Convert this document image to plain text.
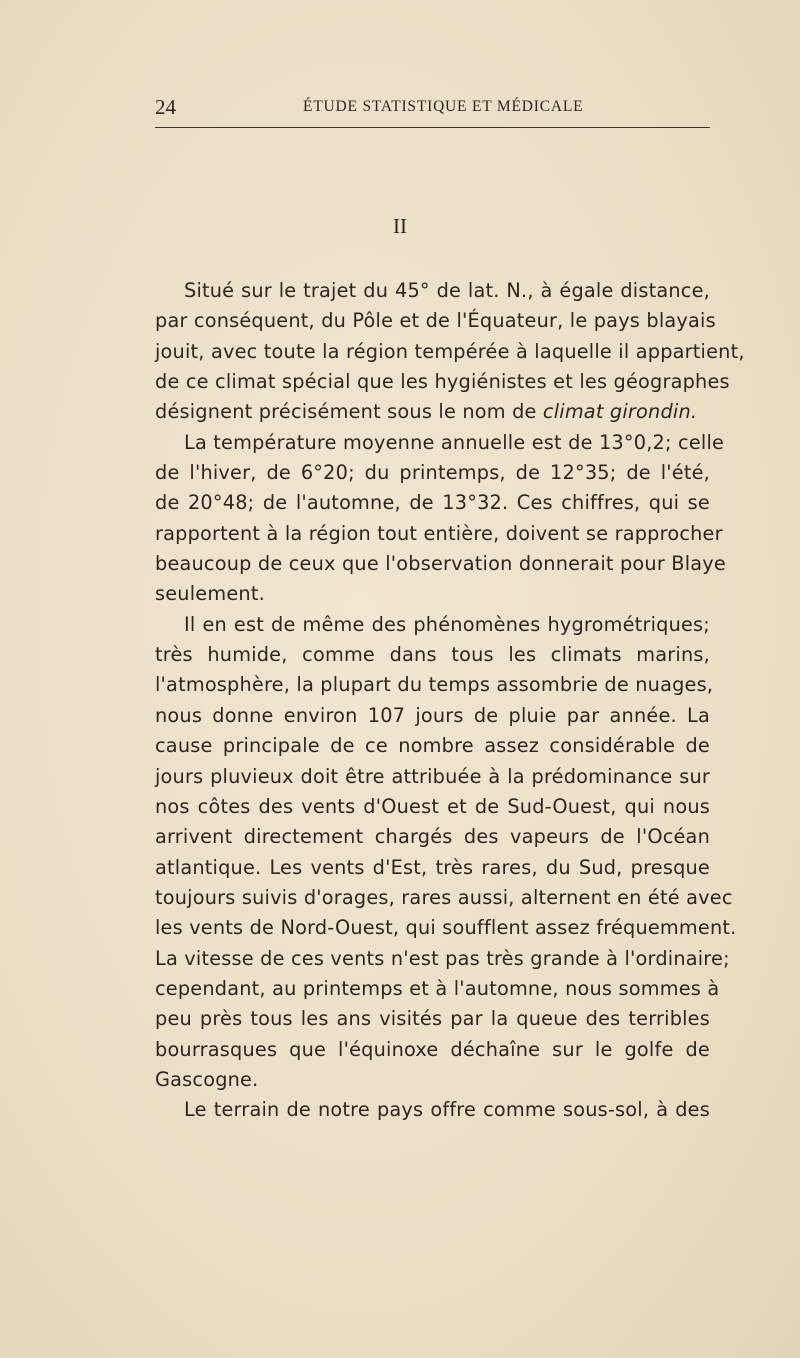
24	ÉTUDE STATISTIQUE ET MÉDICALE
II
Situé sur le trajet du 45° de lat. N., à égale distance,
par conséquent, du Pôle et de l'Équateur, le pays blayais
jouit, avec toute la région tempérée à laquelle il appartient,
de ce climat spécial que les hygiénistes et les géographes
désignent précisément sous le nom de climat girondin.
La température moyenne annuelle est de 13°0,2; celle
de l'hiver, de 6°20; du printemps, de 12°35; de l'été,
de 20°48; de l'automne, de 13°32. Ces chiffres, qui se
rapportent à la région tout entière, doivent se rapprocher
beaucoup de ceux que l'observation donnerait pour Blaye
seulement.
Il en est de même des phénomènes hygrométriques;
très humide, comme dans tous les climats marins,
l'atmosphère, la plupart du temps assombrie de nuages,
nous donne environ 107 jours de pluie par année. La
cause principale de ce nombre assez considérable de
jours pluvieux doit être attribuée à la prédominance sur
nos côtes des vents d'Ouest et de Sud-Ouest, qui nous
arrivent directement chargés des vapeurs de l'Océan
atlantique. Les vents d'Est, très rares, du Sud, presque
toujours suivis d'orages, rares aussi, alternent en été avec
les vents de Nord-Ouest, qui soufflent assez fréquemment.
La vitesse de ces vents n'est pas très grande à l'ordinaire;
cependant, au printemps et à l'automne, nous sommes à
peu près tous les ans visités par la queue des terribles
bourrasques que l'équinoxe déchaîne sur le golfe de
Gascogne.
Le terrain de notre pays offre comme sous-sol, à des
